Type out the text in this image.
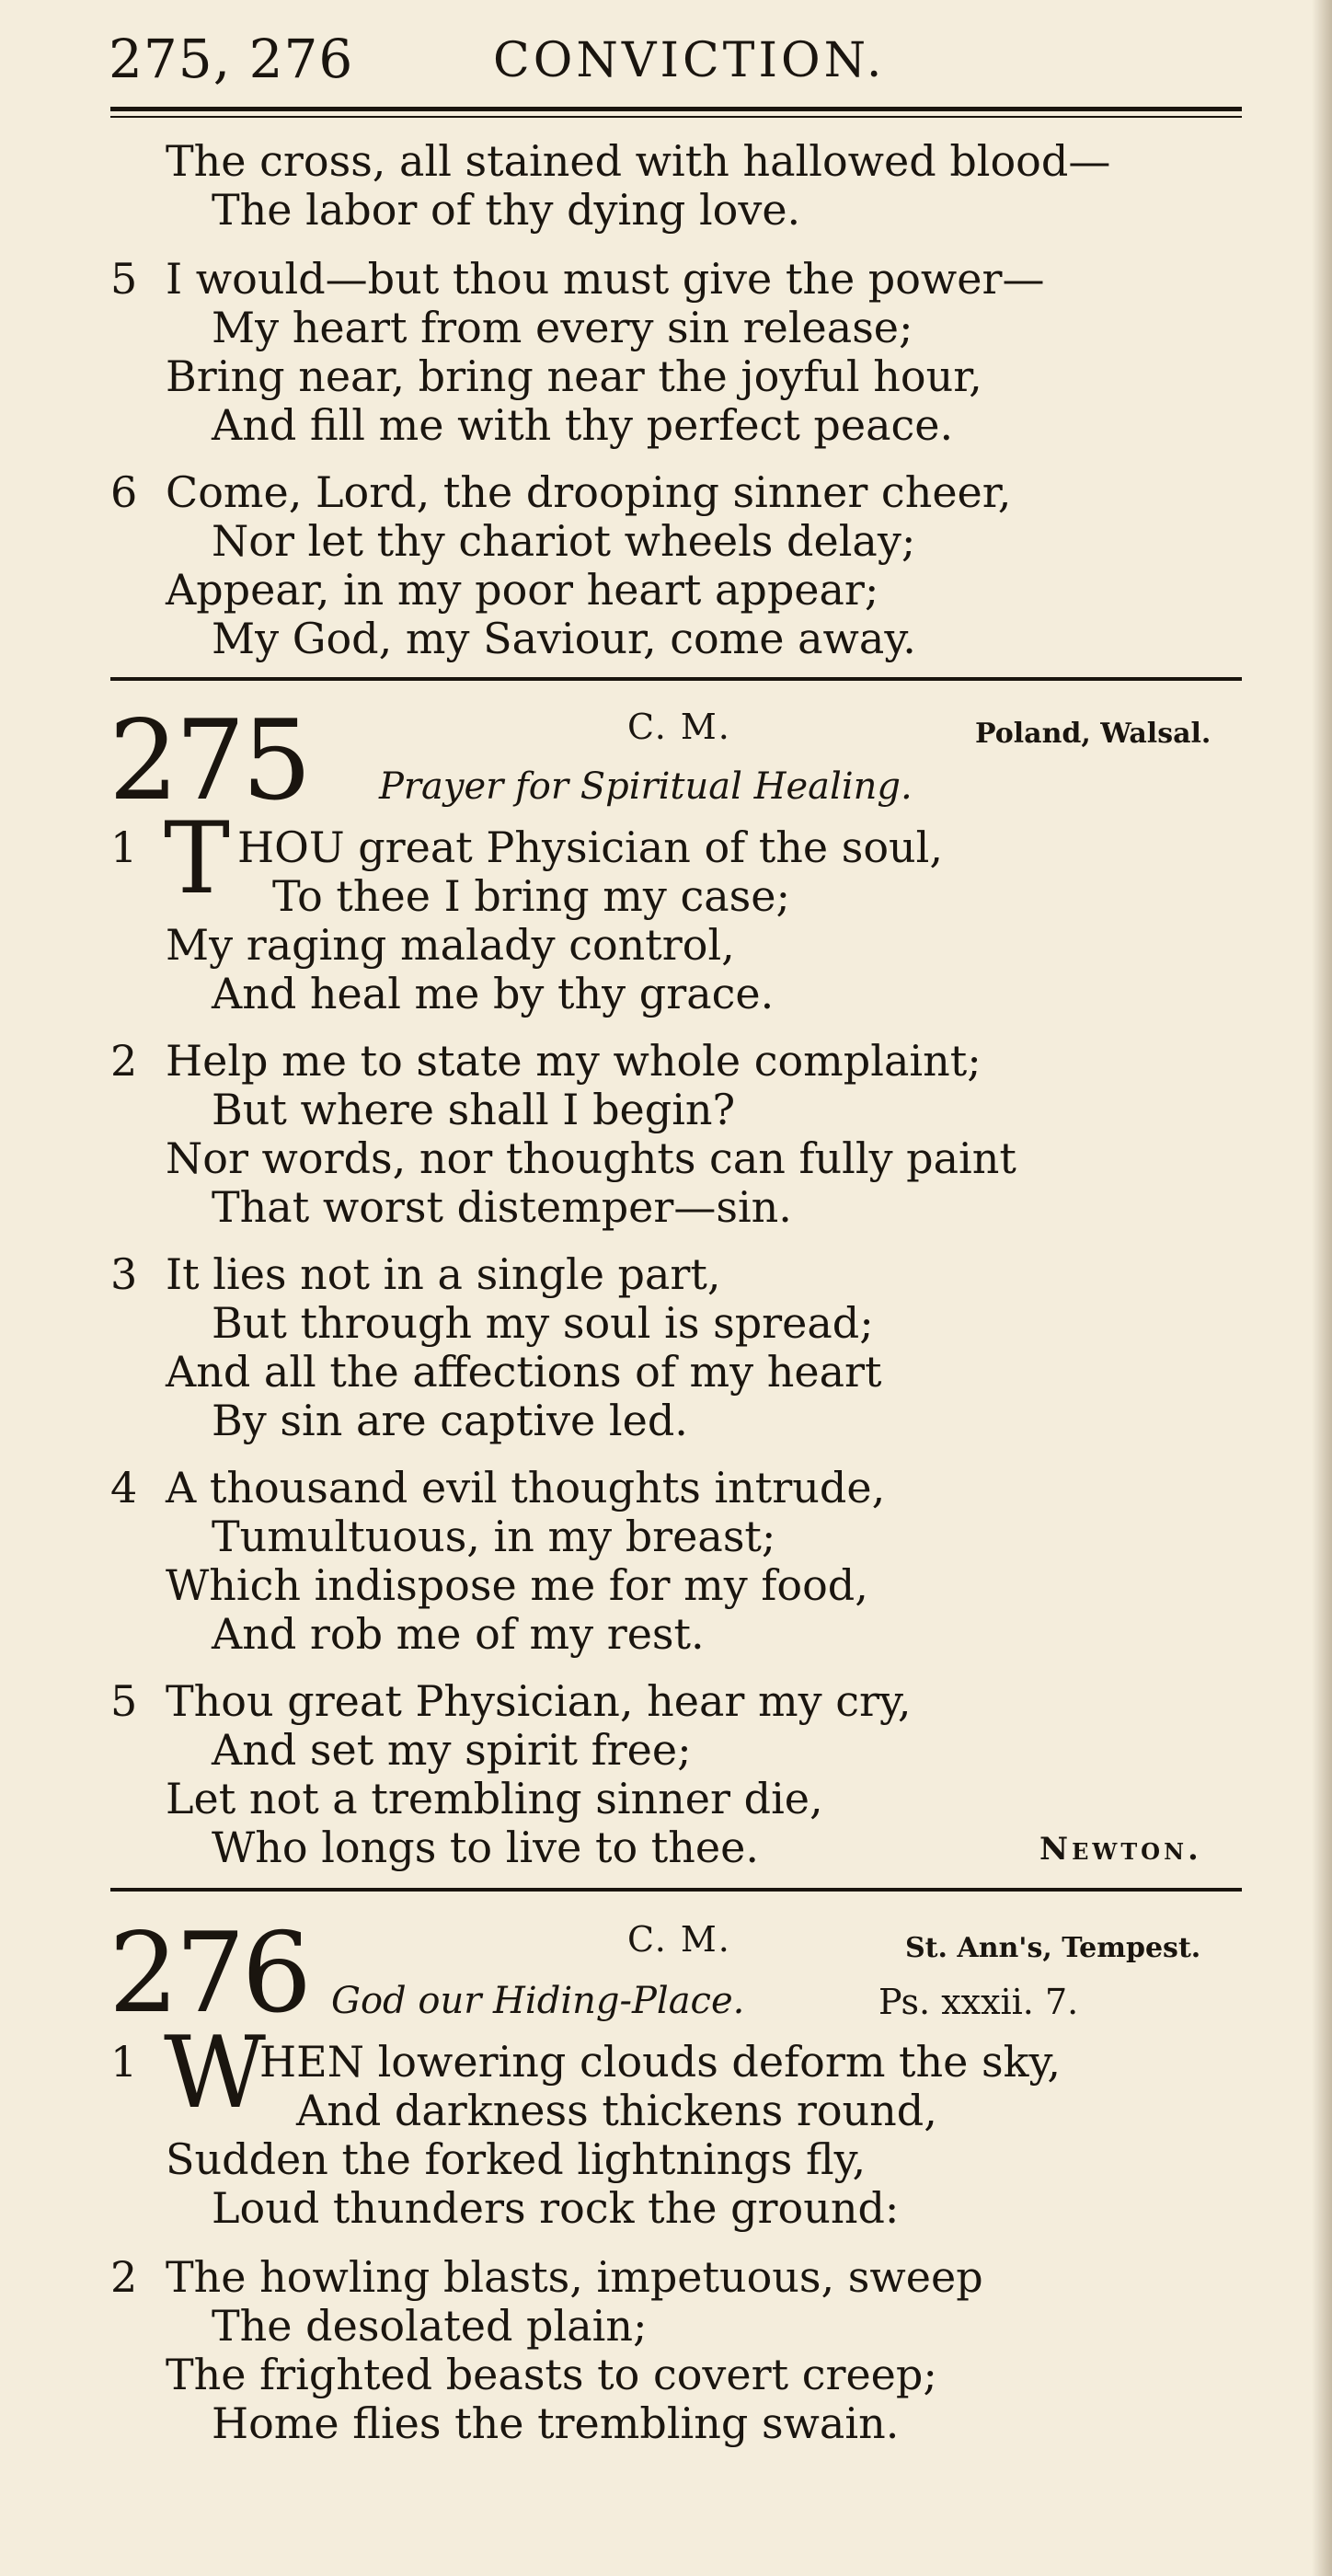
275, 276	CONVICTION.
The cross, all stained with hallowed blood—
The labor of thy dying love.
5 I would—but thou must give the power—
My heart from every sin release;
Bring near, bring near the joyful hour,
And fill me with thy perfect peace.
6 Come, Lord, the drooping sinner cheer,
Nor let thy chariot wheels delay;
Appear, in my poor heart appear;
My God, my Saviour, come away.
275	C. M.	Poland, Walsal.
Prayer for Spiritual Healing.
1 T HOU great Physician of the soul,
To thee I bring my case;
My raging malady control,
And heal me by thy grace.
2 Help me to state my whole complaint;
But where shall I begin?
Nor words, nor thoughts can fully paint
That worst distemper—sin.
3 It lies not in a single part,
But through my soul is spread;
And all the affections of my heart
By sin are captive led.
4 A thousand evil thoughts intrude,
Tumultuous, in my breast;
Which indispose me for my food,
And rob me of my rest.
5 Thou great Physician, hear my cry,
And set my spirit free;
Let not a trembling sinner die,
Who longs to live to thee.	Newton.
276	C. M.	St. Ann's, Tempest.
God our Hiding-Place.	Ps. xxxii. 7.
1 W
HEN lowering clouds deform the sky,
And darkness thickens round,
Sudden the forked lightnings fly,
Loud thunders rock the ground:
2 The howling blasts, impetuous, sweep
The desolated plain;
The frighted beasts to covert creep;
Home flies the trembling swain.
